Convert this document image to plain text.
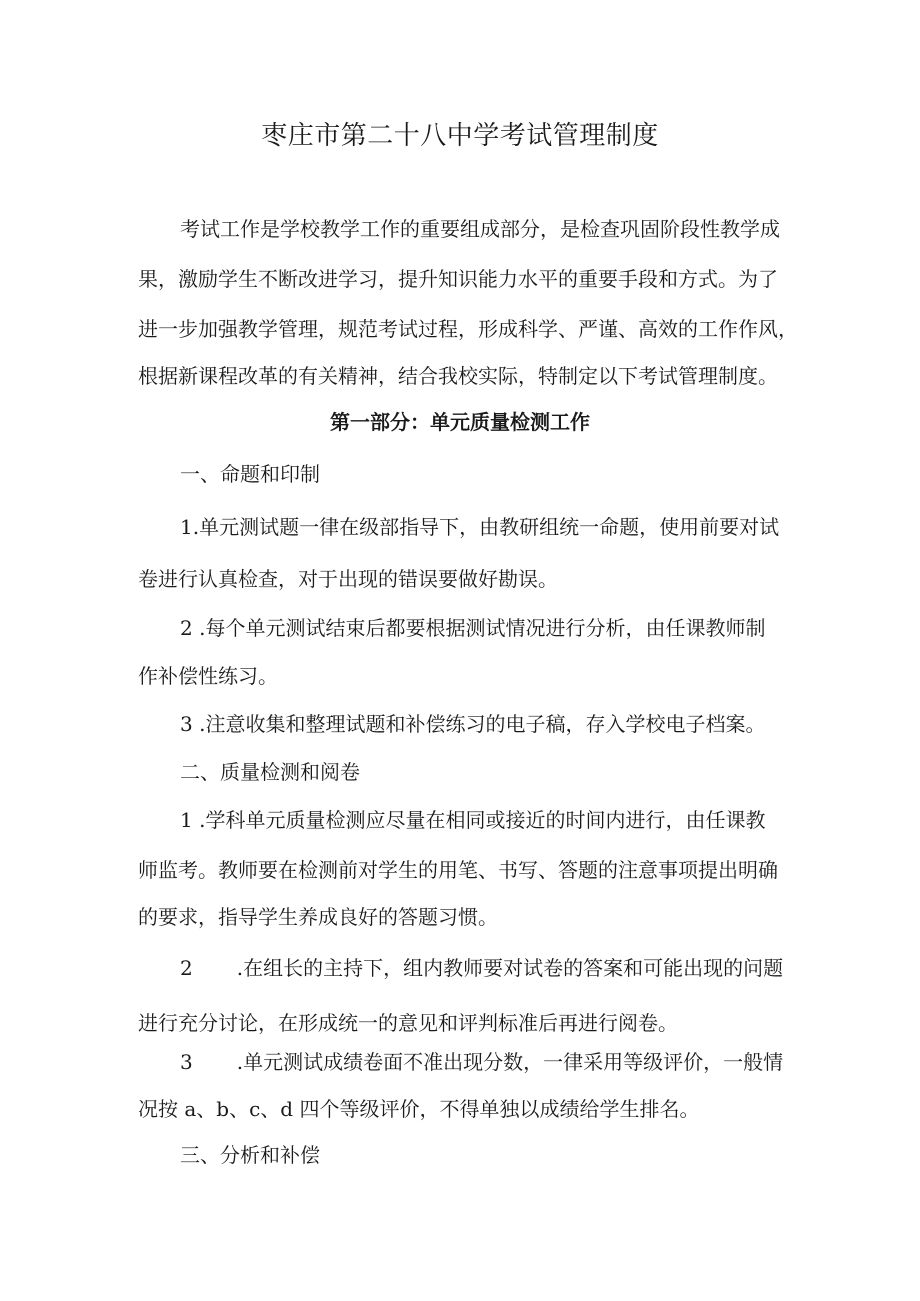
枣庄市第二十八中学考试管理制度

考试工作是学校教学工作的重要组成部分，是检查巩固阶段性教学成

果，激励学生不断改进学习，提升知识能力水平的重要手段和方式。为了

进一步加强教学管理，规范考试过程，形成科学、严谨、高效的工作作风，

根据新课程改革的有关精神，结合我校实际，特制定以下考试管理制度。

第一部分：单元质量检测工作

一、命题和印制

1.单元测试题一律在级部指导下，由教研组统一命题，使用前要对试

卷进行认真检查，对于出现的错误要做好勘误。

2 .每个单元测试结束后都要根据测试情况进行分析，由任课教师制

作补偿性练习。

3 .注意收集和整理试题和补偿练习的电子稿，存入学校电子档案。

二、质量检测和阅卷

1 .学科单元质量检测应尽量在相同或接近的时间内进行，由任课教

师监考。教师要在检测前对学生的用笔、书写、答题的注意事项提出明确

的要求，指导学生养成良好的答题习惯。

2 .在组长的主持下，组内教师要对试卷的答案和可能出现的问题

进行充分讨论，在形成统一的意见和评判标准后再进行阅卷。

3 .单元测试成绩卷面不准出现分数，一律采用等级评价，一般情

况按 a、b、c、d 四个等级评价，不得单独以成绩给学生排名。

三、分析和补偿
